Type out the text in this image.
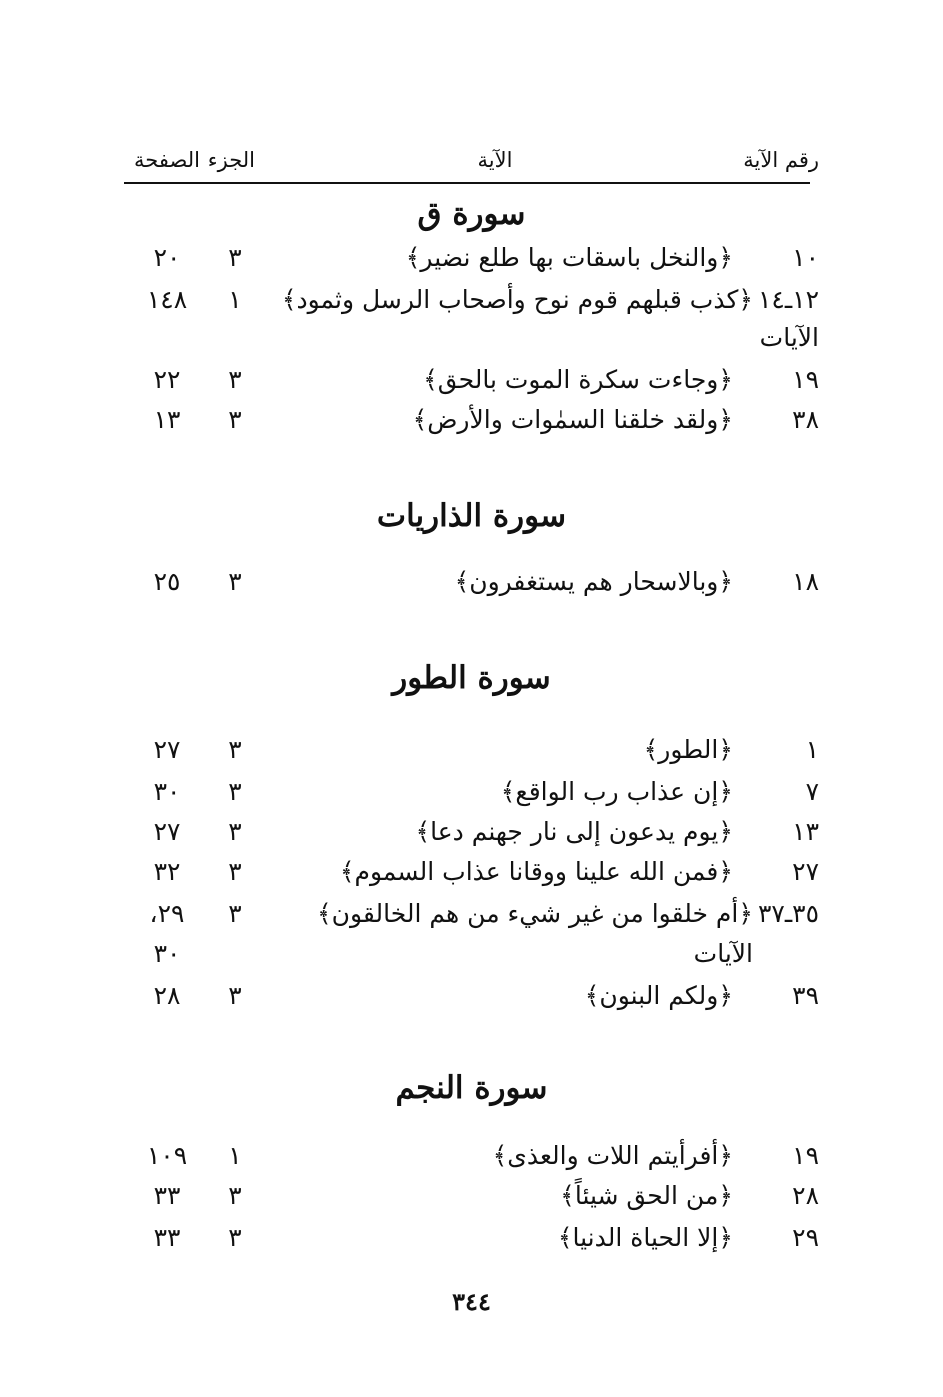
رقم الآية
الآية
الجزء
الصفحة
سورة ق
١٠
﴿والنخل باسقات بها طلع نضير﴾
٣
٢٠
١٢ـ١٤
﴿كذب قبلهم قوم نوح وأصحاب الرسل وثمود﴾
١
١٤٨
الآيات
١٩
﴿وجاءت سكرة الموت بالحق﴾
٣
٢٢
٣٨
﴿ولقد خلقنا السمٰوات والأرض﴾
٣
١٣
سورة الذاريات
١٨
﴿وبالاسحار هم يستغفرون﴾
٣
٢٥
سورة الطور
١
﴿الطور﴾
٣
٢٧
٧
﴿إن عذاب رب الواقع﴾
٣
٣٠
١٣
﴿يوم يدعون إلى نار جهنم دعا﴾
٣
٢٧
٢٧
﴿فمن الله علينا ووقانا عذاب السموم﴾
٣
٣٢
٣٥ـ٣٧
﴿أم خلقوا من غير شيء من هم الخالقون﴾
٣
٢٩،
الآيات
٣٠
٣٩
﴿ولكم البنون﴾
٣
٢٨
سورة النجم
١٩
﴿أفرأيتم اللات والعذى﴾
١
١٠٩
٢٨
﴿من الحق شيئاً﴾
٣
٣٣
٢٩
﴿إلا الحياة الدنيا﴾
٣
٣٣
٣٤٤
